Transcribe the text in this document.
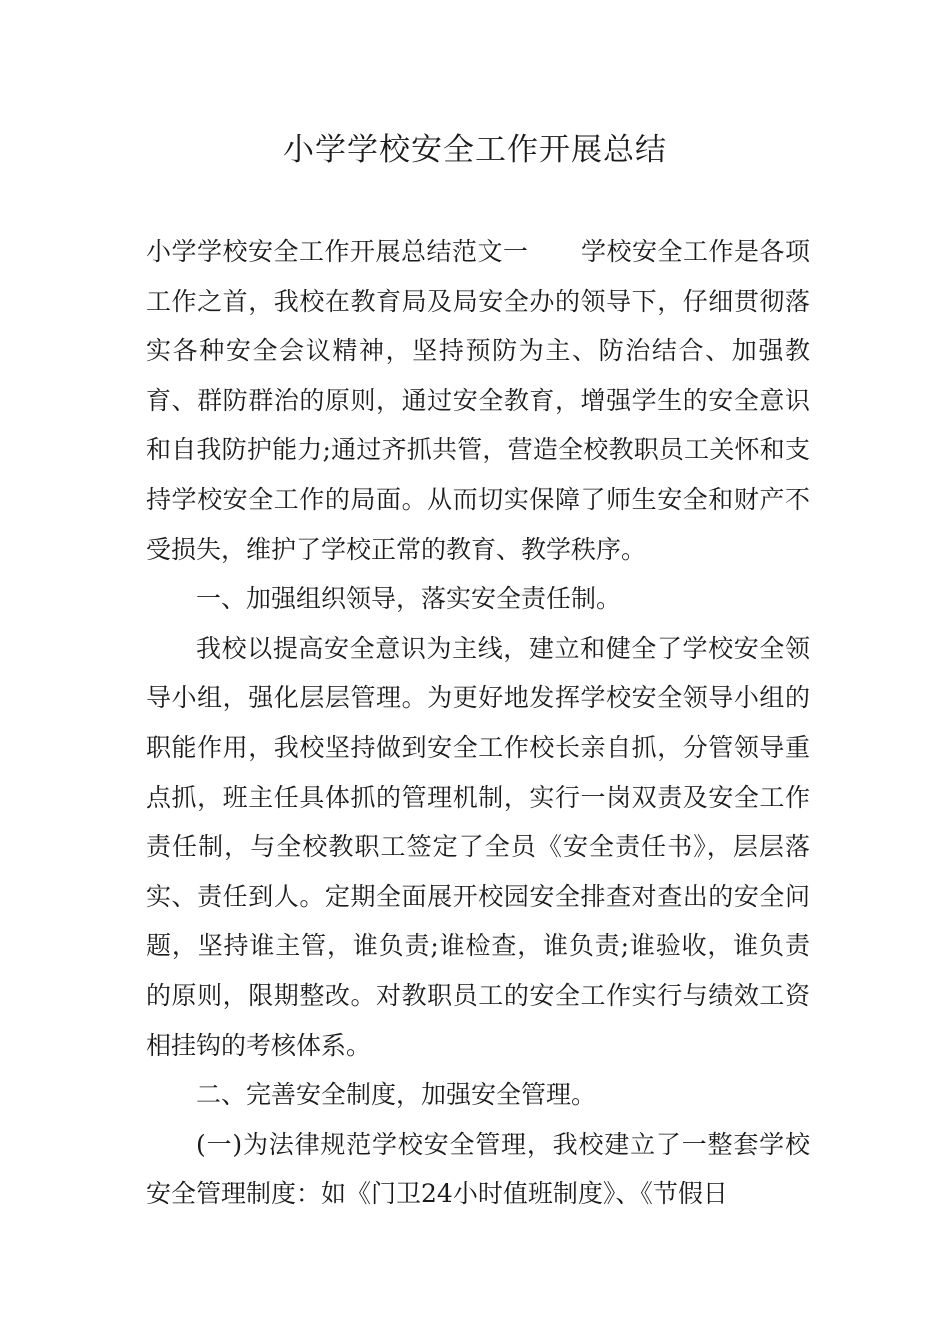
小学学校安全工作开展总结

小学学校安全工作开展总结范文一 学校安全工作是各项工作之首，我校在教育局及局安全办的领导下，仔细贯彻落实各种安全会议精神，坚持预防为主、防治结合、加强教育、群防群治的原则，通过安全教育，增强学生的安全意识和自我防护能力;通过齐抓共管，营造全校教职员工关怀和支持学校安全工作的局面。从而切实保障了师生安全和财产不受损失，维护了学校正常的教育、教学秩序。

一、加强组织领导，落实安全责任制。

我校以提高安全意识为主线，建立和健全了学校安全领导小组，强化层层管理。为更好地发挥学校安全领导小组的职能作用，我校坚持做到安全工作校长亲自抓，分管领导重点抓，班主任具体抓的管理机制，实行一岗双责及安全工作责任制，与全校教职工签定了全员《安全责任书》，层层落实、责任到人。定期全面展开校园安全排查对查出的安全问题，坚持谁主管，谁负责;谁检查，谁负责;谁验收，谁负责的原则，限期整改。对教职员工的安全工作实行与绩效工资相挂钩的考核体系。

二、完善安全制度，加强安全管理。

(一)为法律规范学校安全管理，我校建立了一整套学校安全管理制度：如《门卫24小时值班制度》、《节假日
